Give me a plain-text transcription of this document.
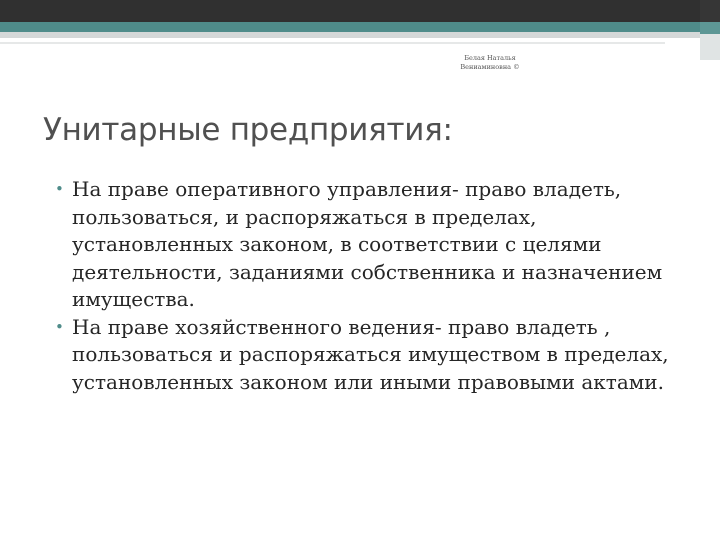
Белая Наталья
Вениаминовна ©
Унитарные предприятия:
• На праве оперативного управления- право владеть, пользоваться, и распоряжаться в пределах, установленных законом, в соответствии с целями деятельности, заданиями собственника и назначением имущества.
• На праве хозяйственного ведения- право владеть , пользоваться и распоряжаться имуществом в пределах, установленных законом или иными правовыми актами.
